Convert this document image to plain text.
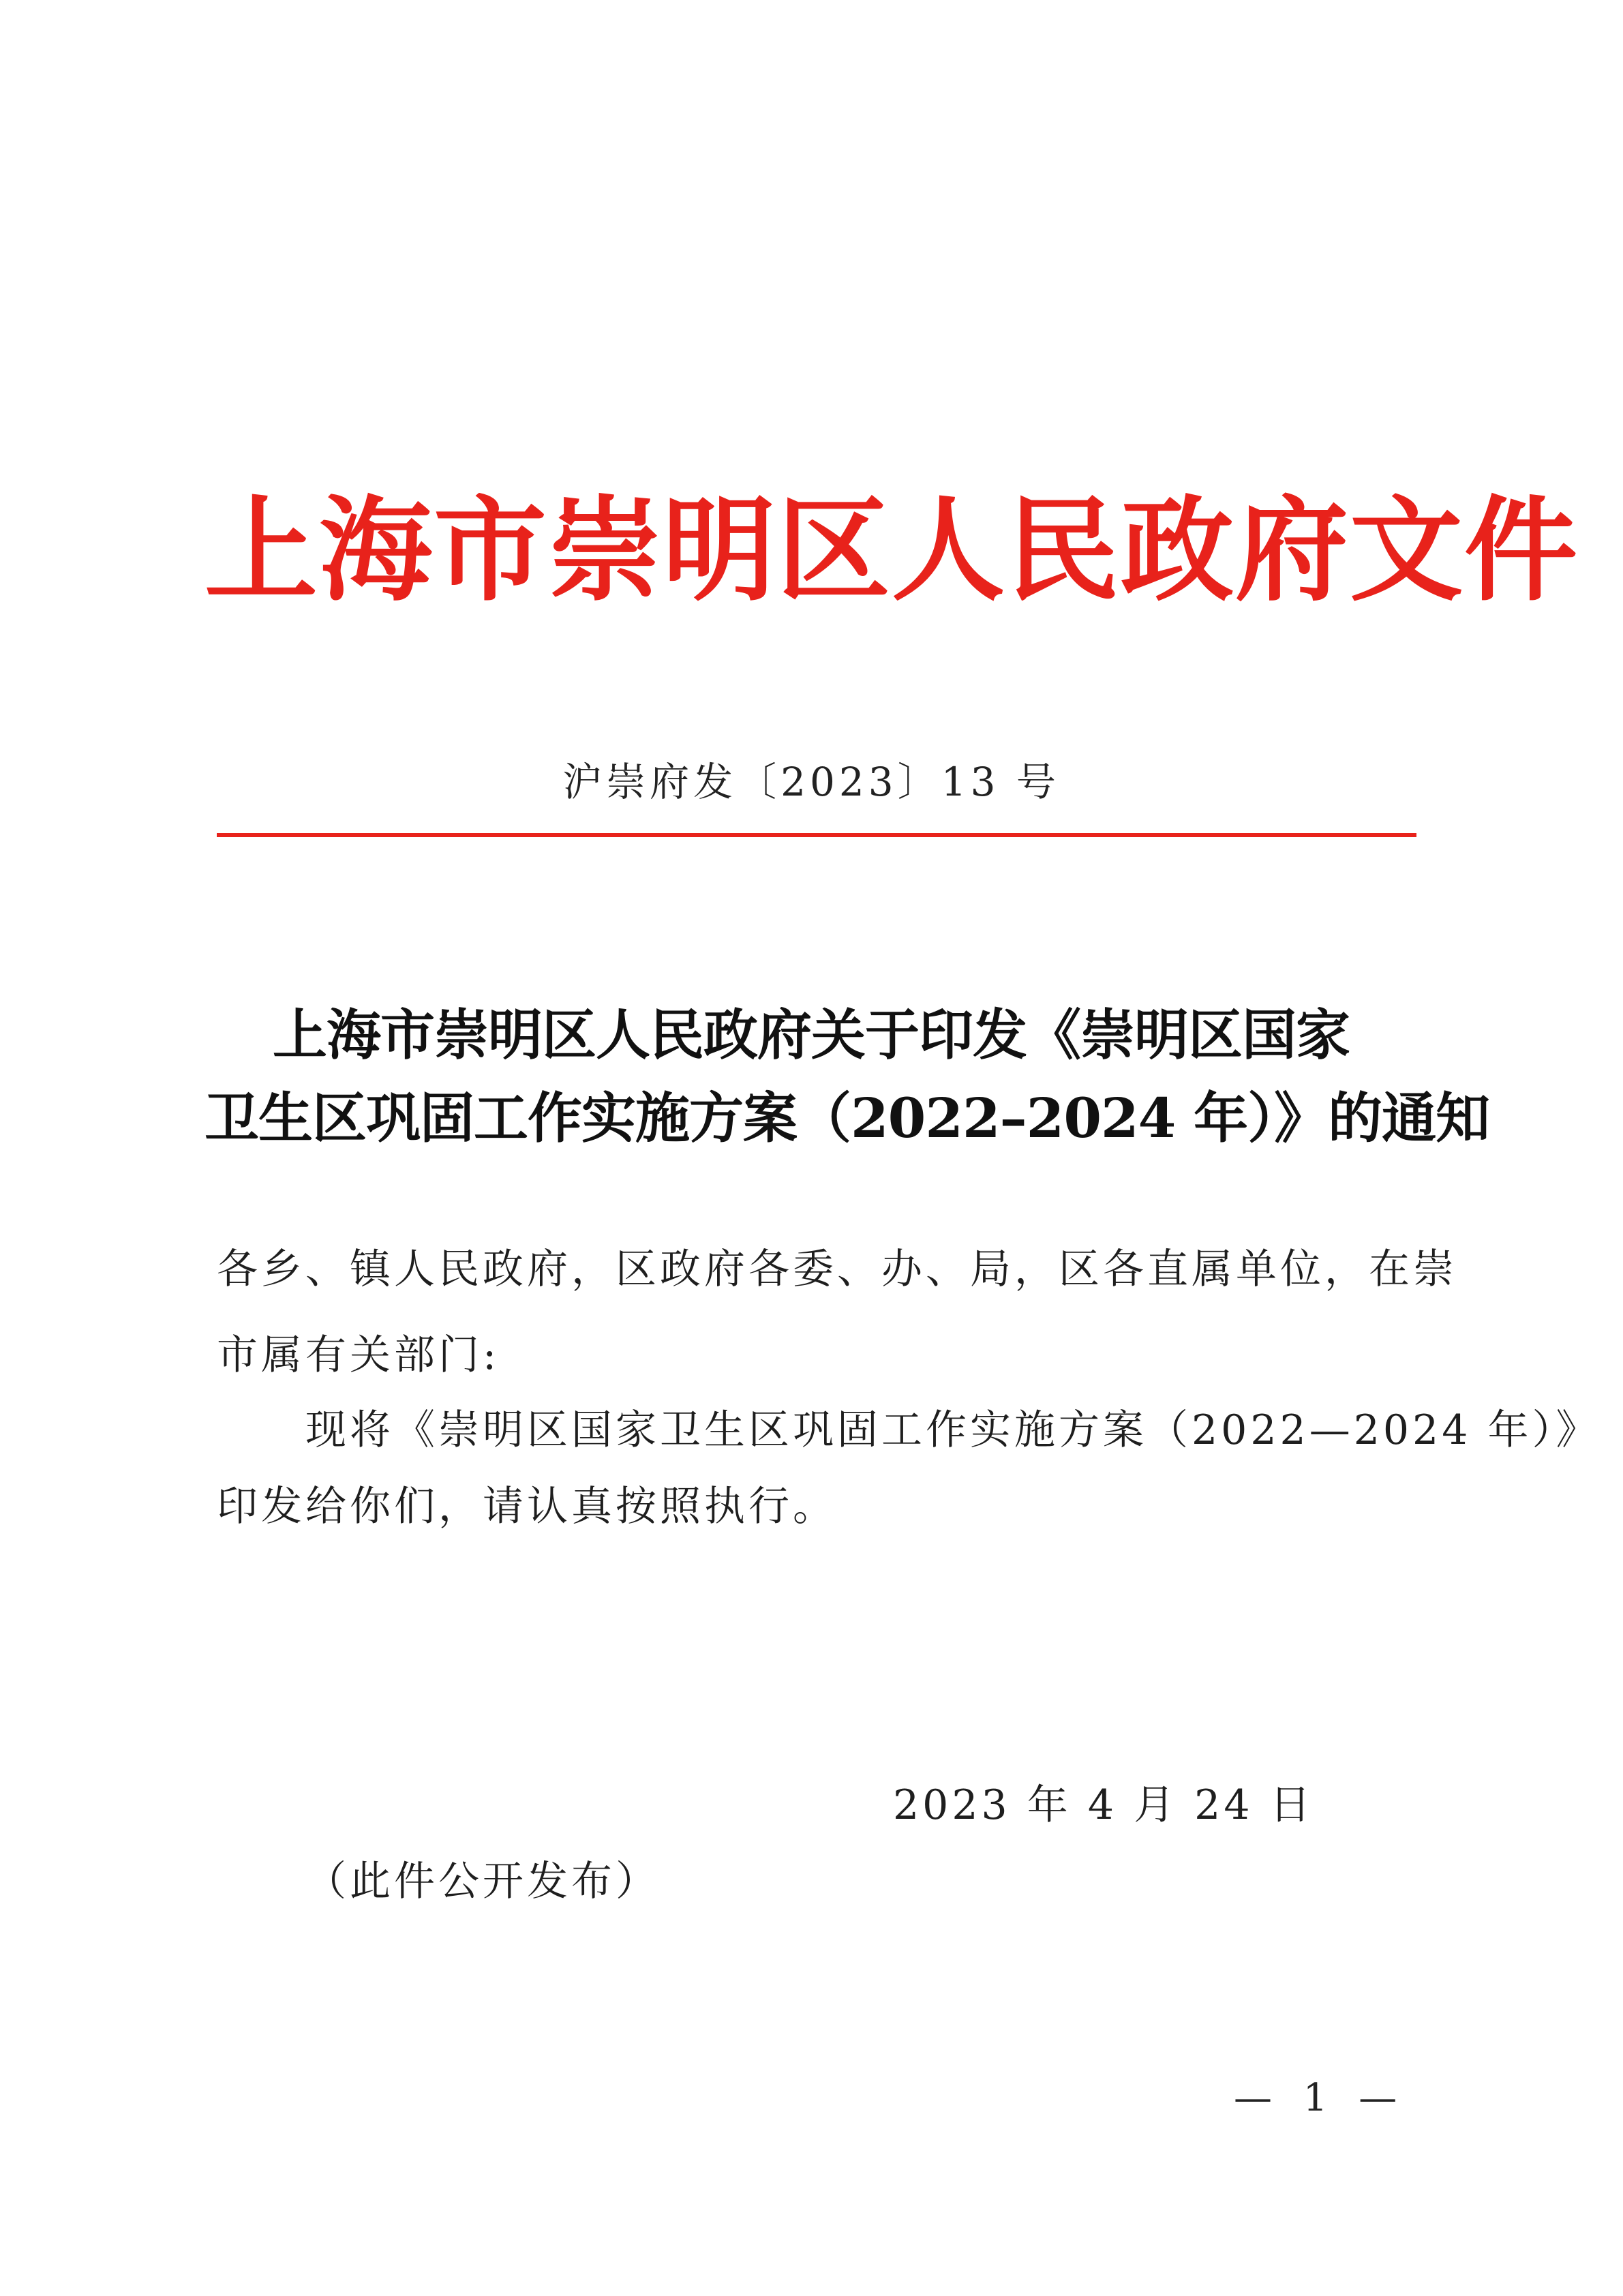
上海市崇明区人民政府文件
沪崇府发〔2023〕13 号
上海市崇明区人民政府关于印发《崇明区国家
卫生区巩固工作实施方案（2022–2024 年）》的通知
各乡、镇人民政府，区政府各委、办、局，区各直属单位，在崇
市属有关部门:
现将《崇明区国家卫生区巩固工作实施方案（2022—2024 年）》
印发给你们，请认真按照执行。
2023 年 4 月 24 日
（此件公开发布）
— 1 —
